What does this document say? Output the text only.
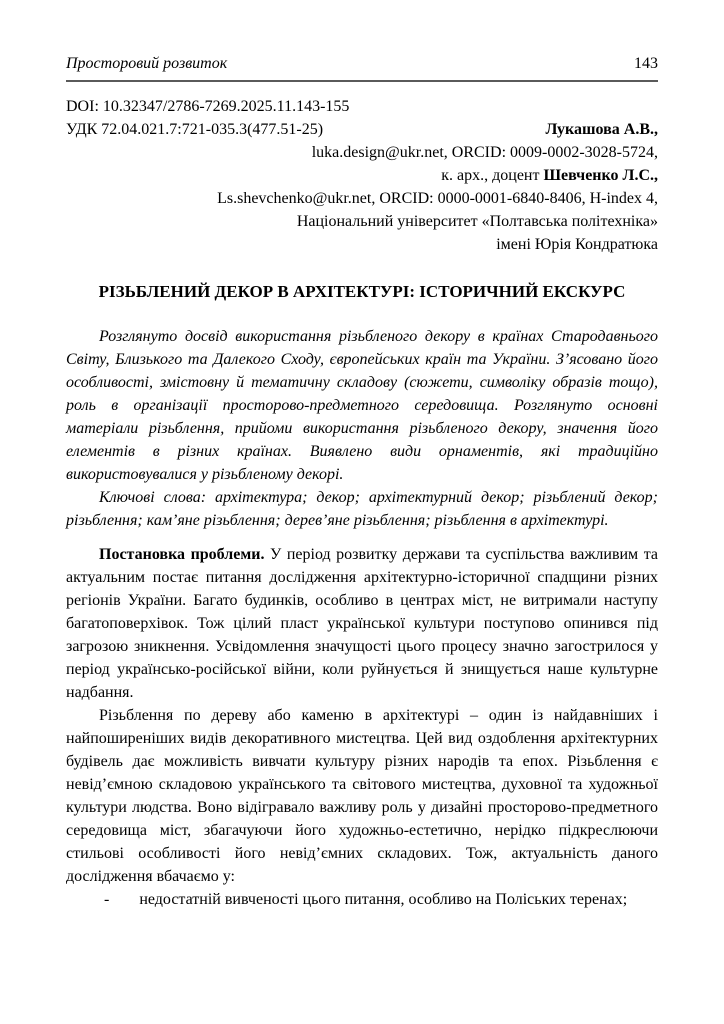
Просторовий розвиток	143
DOI: 10.32347/2786-7269.2025.11.143-155
УДК 72.04.021.7:721-035.3(477.51-25)	Лукашова А.В.,
luka.design@ukr.net, ORCID: 0009-0002-3028-5724,
к. арх., доцент Шевченко Л.С.,
Ls.shevchenko@ukr.net, ORCID: 0000-0001-6840-8406, H-index 4,
Національний університет «Полтавська політехніка»
імені Юрія Кондратюка
РІЗЬБЛЕНИЙ ДЕКОР В АРХІТЕКТУРІ: ІСТОРИЧНИЙ ЕКСКУРС

Розглянуто досвід використання різьбленого декору в країнах Стародавнього Світу, Близького та Далекого Сходу, європейських країн та України. З’ясовано його особливості, змістовну й тематичну складову (сюжети, символіку образів тощо), роль в організації просторово-предметного середовища. Розглянуто основні матеріали різьблення, прийоми використання різьбленого декору, значення його елементів в різних країнах. Виявлено види орнаментів, які традиційно використовувалися у різьбленому декорі.

Ключові слова: архітектура; декор; архітектурний декор; різьблений декор; різьблення; кам’яне різьблення; дерев’яне різьблення; різьблення в архітектурі.

Постановка проблеми. У період розвитку держави та суспільства важливим та актуальним постає питання дослідження архітектурно-історичної спадщини різних регіонів України. Багато будинків, особливо в центрах міст, не витримали наступу багатоповерхівок. Тож цілий пласт української культури поступово опинився під загрозою зникнення. Усвідомлення значущості цього процесу значно загострилося у період українсько-російської війни, коли руйнується й знищується наше культурне надбання.

Різьблення по дереву або каменю в архітектурі – один із найдавніших і найпоширеніших видів декоративного мистецтва. Цей вид оздоблення архітектурних будівель дає можливість вивчати культуру різних народів та епох. Різьблення є невід’ємною складовою українського та світового мистецтва, духовної та художньої культури людства. Воно відігравало важливу роль у дизайні просторово-предметного середовища міст, збагачуючи його художньо-естетично, нерідко підкреслюючи стильові особливості його невід’ємних складових. Тож, актуальність даного дослідження вбачаємо у:

- недостатній вивченості цього питання, особливо на Поліських теренах;
